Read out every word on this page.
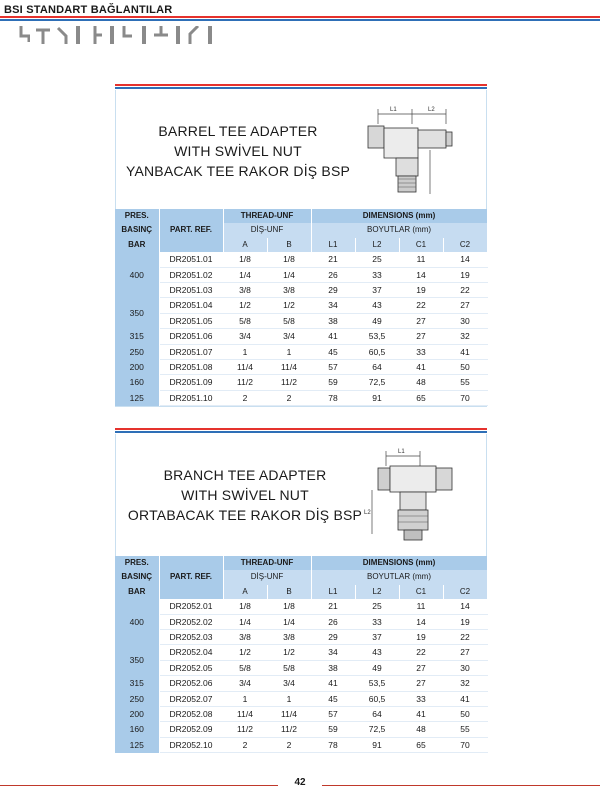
BSI STANDART BAĞLANTILAR
BARREL TEE ADAPTER
WITH SWİVEL NUT
YANBACAK TEE RAKOR DİŞ BSP
L1	L2
PRES.	PART. REF.	THREAD-UNF		DIMENSIONS (mm)			
BASINÇ		DİŞ-UNF		BOYUTLAR (mm)			
BAR		A	B	L1	L2	C1	C2
400	DR2051.01	1/8	1/8	21	25	11	14
	DR2051.02	1/4	1/4	26	33	14	19
	DR2051.03	3/8	3/8	29	37	19	22
350	DR2051.04	1/2	1/2	34	43	22	27
	DR2051.05	5/8	5/8	38	49	27	30
315	DR2051.06	3/4	3/4	41	53,5	27	32
250	DR2051.07	1	1	45	60,5	33	41
200	DR2051.08	11/4	11/4	57	64	41	50
160	DR2051.09	11/2	11/2	59	72,5	48	55
125	DR2051.10	2	2	78	91	65	70
BRANCH TEE ADAPTER
WITH SWİVEL NUT
ORTABACAK TEE RAKOR DİŞ BSP
L1
L2
PRES.	PART. REF.	THREAD-UNF		DIMENSIONS (mm)			
BASINÇ		DİŞ-UNF		BOYUTLAR (mm)			
BAR		A	B	L1	L2	C1	C2
400	DR2052.01	1/8	1/8	21	25	11	14
	DR2052.02	1/4	1/4	26	33	14	19
	DR2052.03	3/8	3/8	29	37	19	22
350	DR2052.04	1/2	1/2	34	43	22	27
	DR2052.05	5/8	5/8	38	49	27	30
315	DR2052.06	3/4	3/4	41	53,5	27	32
250	DR2052.07	1	1	45	60,5	33	41
200	DR2052.08	11/4	11/4	57	64	41	50
160	DR2052.09	11/2	11/2	59	72,5	48	55
125	DR2052.10	2	2	78	91	65	70
42
